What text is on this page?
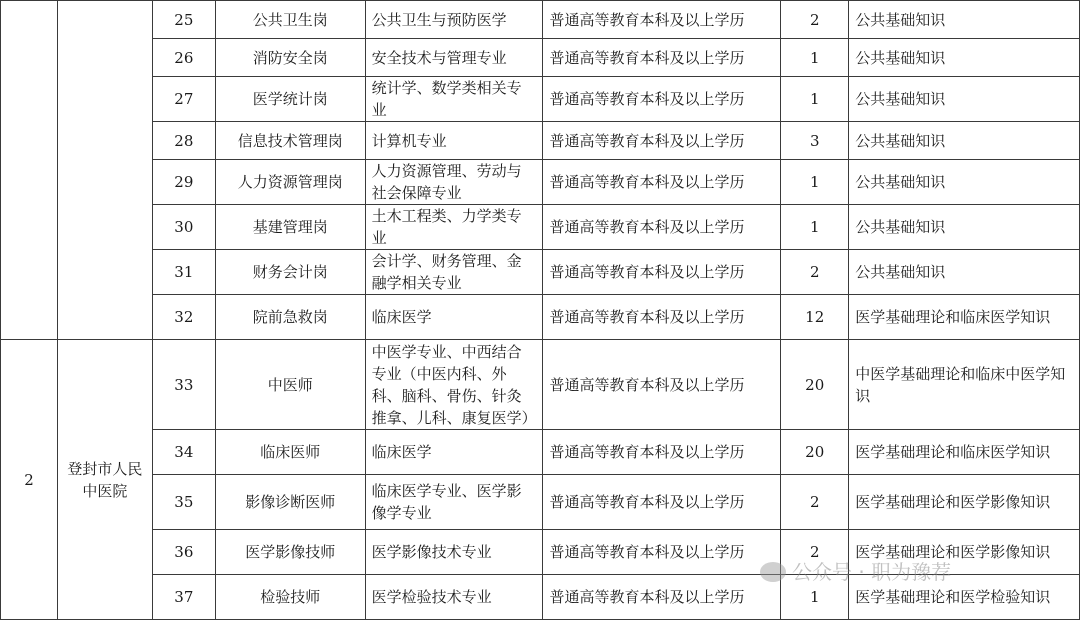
		25	公共卫生岗	公共卫生与预防医学	普通高等教育本科及以上学历	2	公共基础知识
		26	消防安全岗	安全技术与管理专业	普通高等教育本科及以上学历	1	公共基础知识
		27	医学统计岗	统计学、数学类相关专业	普通高等教育本科及以上学历	1	公共基础知识
		28	信息技术管理岗	计算机专业	普通高等教育本科及以上学历	3	公共基础知识
		29	人力资源管理岗	人力资源管理、劳动与社会保障专业	普通高等教育本科及以上学历	1	公共基础知识
		30	基建管理岗	土木工程类、力学类专业	普通高等教育本科及以上学历	1	公共基础知识
		31	财务会计岗	会计学、财务管理、金融学相关专业	普通高等教育本科及以上学历	2	公共基础知识
		32	院前急救岗	临床医学	普通高等教育本科及以上学历	12	医学基础理论和临床医学知识
2	登封市人民中医院	33	中医师	中医学专业、中西结合专业（中医内科、外科、脑科、骨伤、针灸推拿、儿科、康复医学）	普通高等教育本科及以上学历	20	中医学基础理论和临床中医学知识
		34	临床医师	临床医学	普通高等教育本科及以上学历	20	医学基础理论和临床医学知识
		35	影像诊断医师	临床医学专业、医学影像学专业	普通高等教育本科及以上学历	2	医学基础理论和医学影像知识
		36	医学影像技师	医学影像技术专业	普通高等教育本科及以上学历	2	医学基础理论和医学影像知识
		37	检验技师	医学检验技术专业	普通高等教育本科及以上学历	1	医学基础理论和医学检验知识
公众号 · 职为豫荐
